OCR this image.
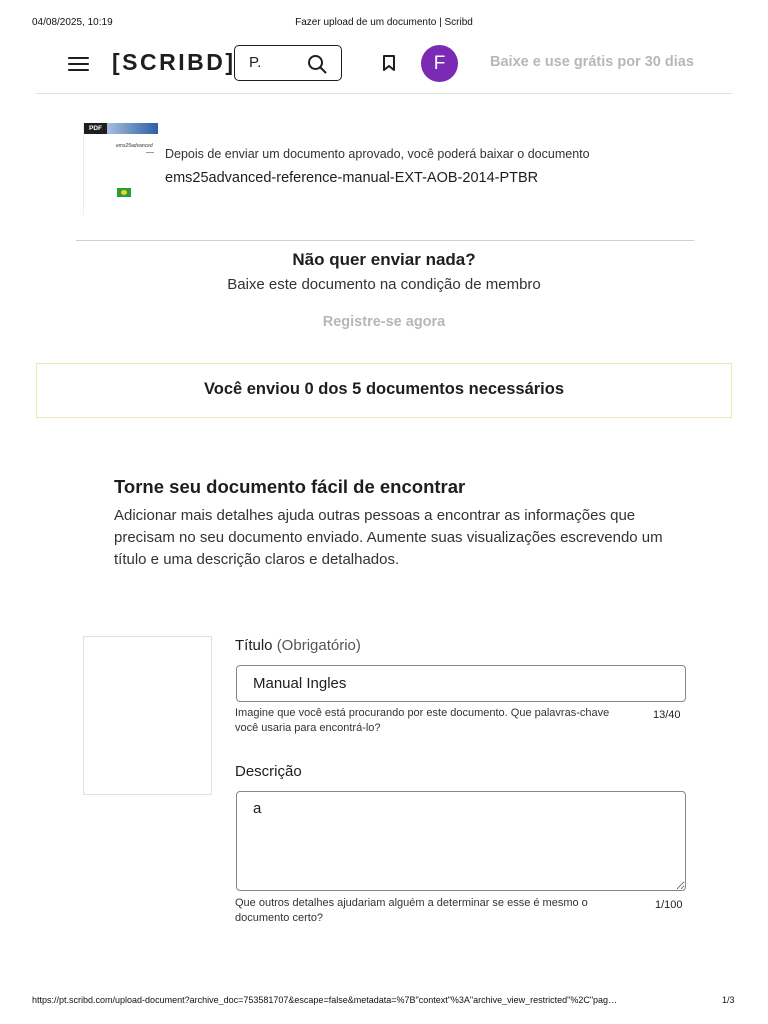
04/08/2025, 10:19	Fazer upload de um documento | Scribd
[SCRIBD]
P.	F	Baixe e use grátis por 30 dias
PDF
ems25advanced
Depois de enviar um documento aprovado, você poderá baixar o documento
ems25advanced-reference-manual-EXT-AOB-2014-PTBR
Não quer enviar nada?
Baixe este documento na condição de membro
Registre-se agora
Você enviou 0 dos 5 documentos necessários
Torne seu documento fácil de encontrar
Adicionar mais detalhes ajuda outras pessoas a encontrar as informações que precisam no seu documento enviado. Aumente suas visualizações escrevendo um título e uma descrição claros e detalhados.
Título (Obrigatório)
Manual Ingles
Imagine que você está procurando por este documento. Que palavras-chave você usaria para encontrá-lo?
13/40
Descrição
a
Que outros detalhes ajudariam alguém a determinar se esse é mesmo o documento certo?
1/100
https://pt.scribd.com/upload-document?archive_doc=753581707&escape=false&metadata=%7B"context"%3A"archive_view_restricted"%2C"pag…	1/3
